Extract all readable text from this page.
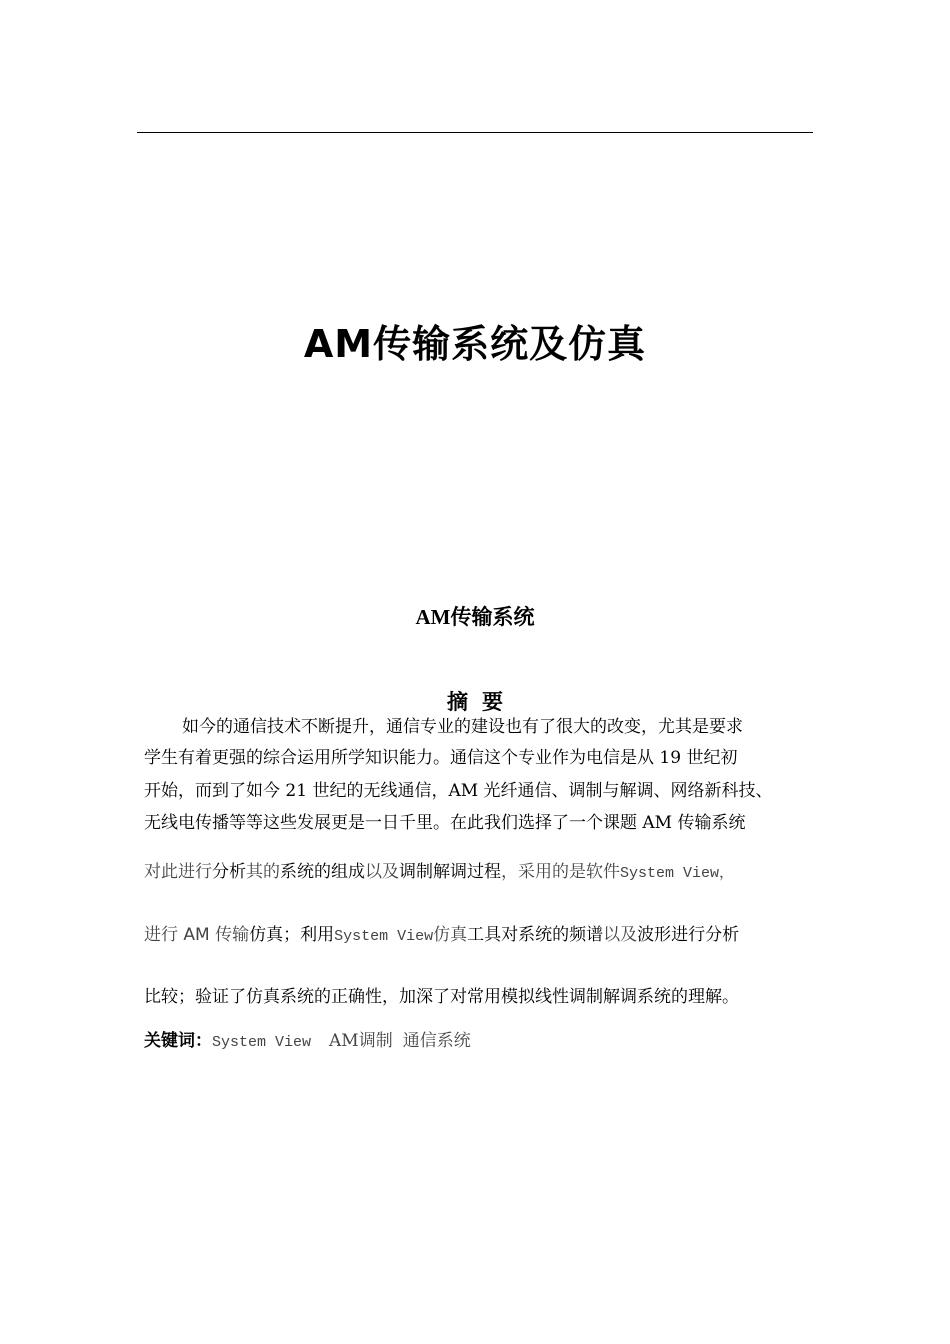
AM传输系统及仿真
AM传输系统
摘要
如今的通信技术不断提升，通信专业的建设也有了很大的改变，尤其是要求
学生有着更强的综合运用所学知识能力。通信这个专业作为电信是从 19 世纪初
开始，而到了如今 21 世纪的无线通信，AM 光纤通信、调制与解调、网络新科技、
无线电传播等等这些发展更是一日千里。在此我们选择了一个课题 AM 传输系统
对此进行分析其的系统的组成以及调制解调过程，采用的是软件System View，
进行 AM 传输仿真；利用System View仿真工具对系统的频谱以及波形进行分析
比较；验证了仿真系统的正确性，加深了对常用模拟线性调制解调系统的理解。
关键词：System View AM调制 通信系统
